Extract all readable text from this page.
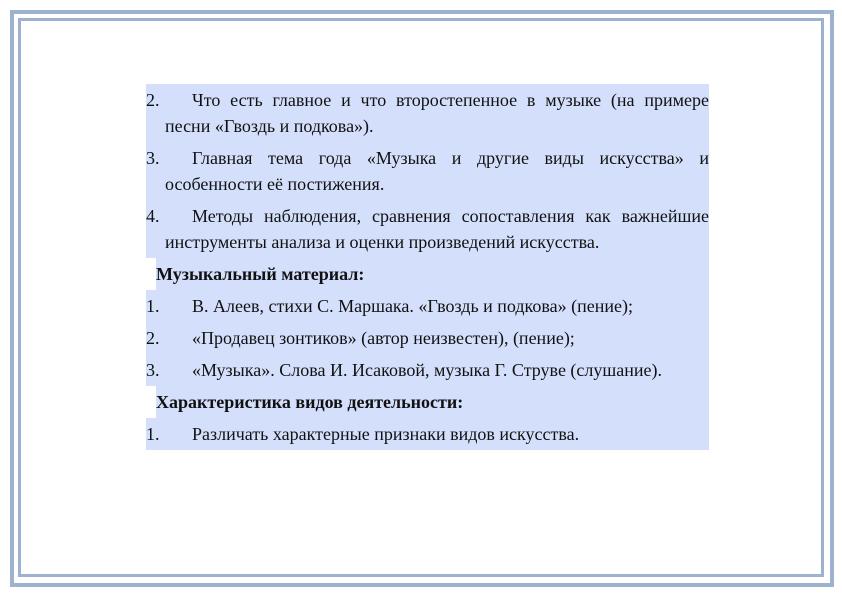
2.	Что есть главное и что второстепенное в музыке (на примере песни «Гвоздь и подкова»).
3.	Главная тема года «Музыка и другие виды искусства» и особенности её постижения.
4.	Методы наблюдения, сравнения сопоставления как важнейшие инструменты анализа и оценки произведений искусства.
Музыкальный материал:
1.	В. Алеев, стихи С. Маршака. «Гвоздь и подкова» (пение);
2.	«Продавец зонтиков» (автор неизвестен), (пение);
3.	«Музыка». Слова И. Исаковой, музыка Г. Струве (слушание).
Характеристика видов деятельности:
1.	Различать характерные признаки видов искусства.
